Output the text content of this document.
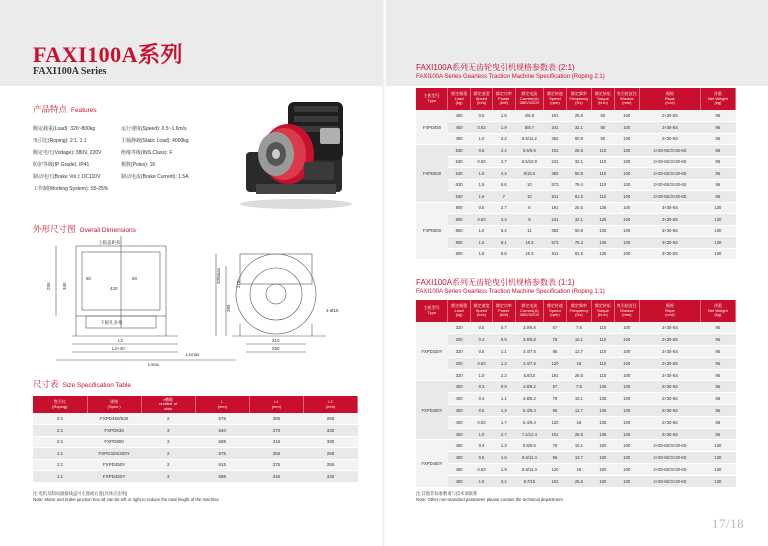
FAXI100A系列
FAXI100A Series
产品特点 Features
额定载重(Load): 320~800kg	运行速度(Speed): 0.5~1.6m/s
曳引比(Roping): 2:1, 1:1	主轴静载(Static Load): 4000kg
额定电压(Voltage): 380V, 220V	绝缘等级(INS.Class): F
防护等级(IP Grade): IP41	极数(Poles): 16
制动电压(Brake Vol.): DC110V	制动电流(Brake Current): 1.5A
工作制(Working System): S5-25%
外形尺寸图 Overall Dimensions
上箱盖距扣
60	60
420
下板孔多扣
L2
L2+40
L1max
Lmax
330max
285
218
210
250
4-Ø18
295 340
尺寸表 Size Specification Table
曳引比
(Roping)	规格
(Spec.)	r槽数
number of
slots	L
(mm)	L1
(mm)	L2
(mm)

2:1	FXPD450/630	2	575	355	265
2:1	FXPD630	3	640	370	330
2:1	FXPD800	3	688	416	330
1:1	FXPD320/400Y	2	575	355	265
1:1	FXPD450Y	2	615	375	265
1:1	FXPD450Y	3	688	416	330
注:电机及制动器接线盒可左置或右置(具体应注明)
Note: Motor and brake junction box all can be left or right to reduce the total height of the machine
FAXI100A系列无齿轮曳引机规格参数表 (2:1)
FAXI100A Series Gearless Traction Machine Specification (Roping 2:1)
主机型号
Type	额定载重
Load
(kg)	额定速度
Speed
(m/s)	额定功率
Power
(kW)	额定电流
Current(A)
380V/220V	额定转速
Speed
(rpm)	额定频率
Frequency
(Hz)	额定转矩
Torque
(N.m)	曳引轮直径
Sheave
(mm)	绳规
Rope
(n×d)	净重
Net Weight
(kg)

FXPD450	450	0.5	1.6	4/6.9	191	25.5	80	100	2×30-6S	95
	450	0.63	1.9	5/8.7	241	32.1	80	100	2×30-6S	95
	450	1.0	3.2	6.5/11.2	382	50.9	80	100	2×30-6S	95
FXPD630	630	0.5	2.2	5.5/9.5	191	25.5	110	100	2×30-6S/3×30-6S	95
	630	0.63	2.7	6.5/10.9	241	32.1	110	100	2×30-6S/3×30-6S	95
	630	1.0	4.4	9/15.5	382	50.9	110	100	2×30-6S/3×30-6S	95
	630	1.5	6.6	10	573	76.4	110	100	2×30-6S/3×30-6S	95
	630	1.6	7	10	611	81.5	110	100	2×30-6S/3×30-6S	95
FXPD800	800	0.5	2.7	6	191	25.5	135	100	3×30-6S	130
	800	0.63	3.4	8	241	32.1	135	100	3×30-6S	130
	800	1.0	5.4	11	382	50.9	135	100	3×30-6S	130
	800	1.5	8.1	19.3	573	76.4	135	100	3×30-6S	130
	800	1.6	8.6	19.3	611	81.5	135	100	3×30-6S	130
FAXI100A系列无齿轮曳引机规格参数表 (1:1)
FAXI100A Series Gearless Traction Machine Specification (Roping 1:1)
主机型号
Type	额定载重
Load
(kg)	额定速度
Speed
(m/s)	额定功率
Power
(kW)	额定电流
Current(A)
380V/220V	额定转速
Speed
(rpm)	额定频率
Frequency
(Hz)	额定转矩
Torque
(N.m)	曳引轮直径
Sheave
(mm)	绳规
Rope
(n×d)	净重
Net Weight
(kg)

FXPD320Y	320	0.5	0.7	3.9/6.8	57	7.6	110	100	2×30-6S	95
	320	0.4	0.9	3.9/6.8	76	10.1	110	100	2×30-6S	95
	320	0.5	1.1	4.4/7.6	95	12.7	110	100	2×30-6S	95
	320	0.63	1.3	4.4/7.6	120	16	110	100	2×30-6S	95
	320	1.0	2.2	5.8/10	191	25.5	110	100	2×30-6S	95
FXPD400Y	400	0.3	0.9	4.8/8.2	57	7.6	135	100	2×30-6S	95
	400	0.4	1.1	4.8/8.2	76	10.1	135	100	2×30-6S	95
	400	0.5	1.3	5.4/9.4	95	12.7	135	100	2×30-6S	95
	400	0.63	1.7	5.4/9.4	120	16	135	100	2×30-6S	95
	400	1.0	2.7	7.2/12.4	191	25.5	135	100	2×30-6S	95
FXPD450Y	450	0.4	1.3	5.6/9.6	76	10.1	160	100	2×30-6S/3×30-6S	130
	450	0.5	1.6	6.6/11.4	95	12.7	160	100	2×30-6S/3×30-6S	130
	450	0.63	1.9	6.6/11.4	120	16	160	100	2×30-6S/3×30-6S	130
	450	1.0	3.2	8.7/15	191	25.5	160	100	2×30-6S/3×30-6S	130
注:其他非标参数请与技术部联系
Note: Other non-standard parameter please contact the technical department
17/18
